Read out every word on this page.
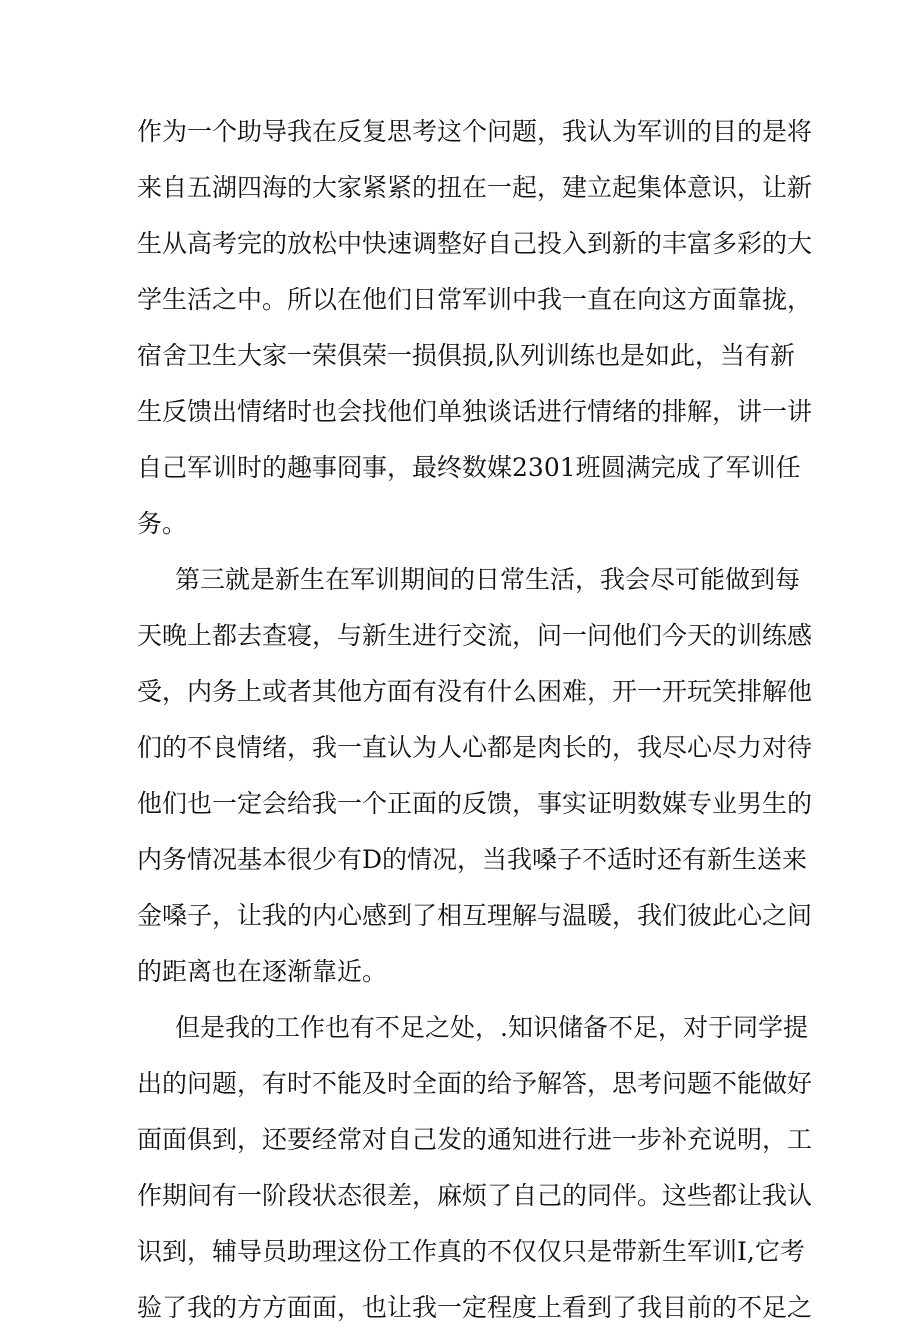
作为一个助导我在反复思考这个问题，我认为军训的目的是将
来自五湖四海的大家紧紧的扭在一起，建立起集体意识，让新
生从高考完的放松中快速调整好自己投入到新的丰富多彩的大
学生活之中。所以在他们日常军训中我一直在向这方面靠拢，
宿舍卫生大家一荣俱荣一损俱损,队列训练也是如此，当有新
生反馈出情绪时也会找他们单独谈话进行情绪的排解，讲一讲
自己军训时的趣事冏事，最终数媒2301班圆满完成了军训任
务。
第三就是新生在军训期间的日常生活，我会尽可能做到每
天晚上都去查寝，与新生进行交流，问一问他们今天的训练感
受，内务上或者其他方面有没有什么困难，开一开玩笑排解他
们的不良情绪，我一直认为人心都是肉长的，我尽心尽力对待
他们也一定会给我一个正面的反馈，事实证明数媒专业男生的
内务情况基本很少有D的情况，当我嗓子不适时还有新生送来
金嗓子，让我的内心感到了相互理解与温暖，我们彼此心之间
的距离也在逐渐靠近。
但是我的工作也有不足之处，.知识储备不足，对于同学提
出的问题，有时不能及时全面的给予解答，思考问题不能做好
面面俱到，还要经常对自己发的通知进行进一步补充说明，工
作期间有一阶段状态很差，麻烦了自己的同伴。这些都让我认
识到，辅导员助理这份工作真的不仅仅只是带新生军训I,它考
验了我的方方面面，也让我一定程度上看到了我目前的不足之
